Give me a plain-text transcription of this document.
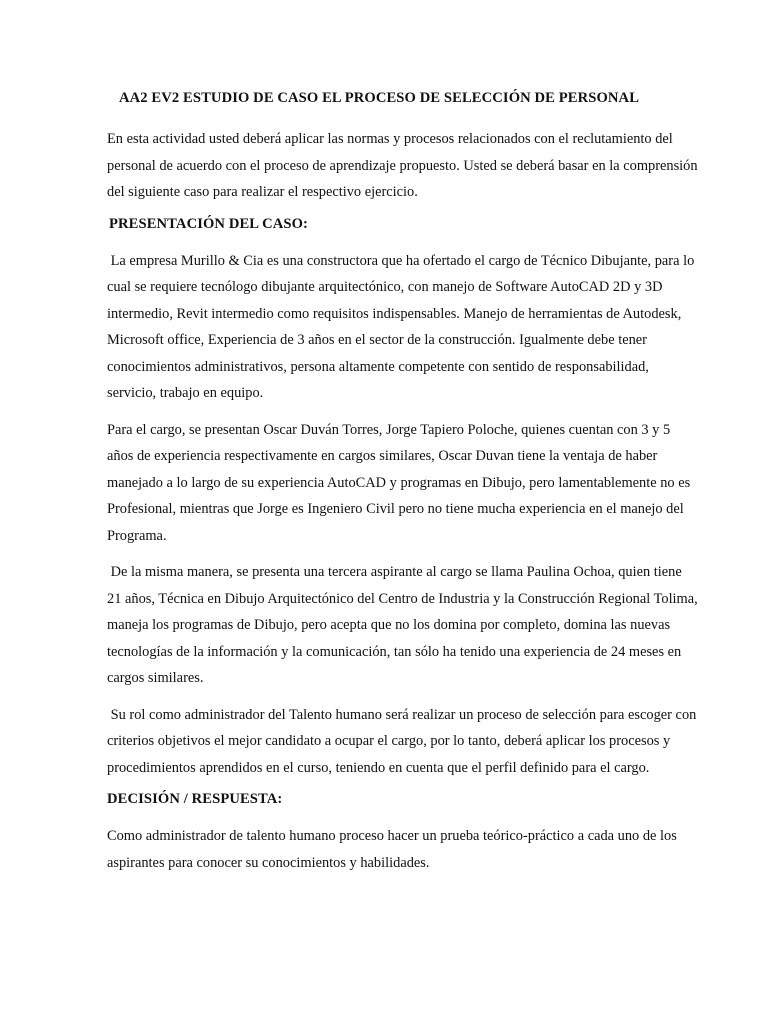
AA2 EV2 ESTUDIO DE CASO EL PROCESO DE SELECCIÓN DE PERSONAL

En esta actividad usted deberá aplicar las normas y procesos relacionados con el reclutamiento del personal de acuerdo con el proceso de aprendizaje propuesto. Usted se deberá basar en la comprensión del siguiente caso para realizar el respectivo ejercicio.

PRESENTACIÓN DEL CASO:

La empresa Murillo & Cia es una constructora que ha ofertado el cargo de Técnico Dibujante, para lo cual se requiere tecnólogo dibujante arquitectónico, con manejo de Software AutoCAD 2D y 3D intermedio, Revit intermedio como requisitos indispensables. Manejo de herramientas de Autodesk, Microsoft office, Experiencia de 3 años en el sector de la construcción. Igualmente debe tener conocimientos administrativos, persona altamente competente con sentido de responsabilidad, servicio, trabajo en equipo.

Para el cargo, se presentan Oscar Duván Torres, Jorge Tapiero Poloche, quienes cuentan con 3 y 5 años de experiencia respectivamente en cargos similares, Oscar Duvan tiene la ventaja de haber manejado a lo largo de su experiencia AutoCAD y programas en Dibujo, pero lamentablemente no es Profesional, mientras que Jorge es Ingeniero Civil pero no tiene mucha experiencia en el manejo del Programa.

De la misma manera, se presenta una tercera aspirante al cargo se llama Paulina Ochoa, quien tiene 21 años, Técnica en Dibujo Arquitectónico del Centro de Industria y la Construcción Regional Tolima, maneja los programas de Dibujo, pero acepta que no los domina por completo, domina las nuevas tecnologías de la información y la comunicación, tan sólo ha tenido una experiencia de 24 meses en cargos similares.

Su rol como administrador del Talento humano será realizar un proceso de selección para escoger con criterios objetivos el mejor candidato a ocupar el cargo, por lo tanto, deberá aplicar los procesos y procedimientos aprendidos en el curso, teniendo en cuenta que el perfil definido para el cargo.

DECISIÓN / RESPUESTA:

Como administrador de talento humano proceso hacer un prueba teórico-práctico a cada uno de los aspirantes para conocer su conocimientos y habilidades.
